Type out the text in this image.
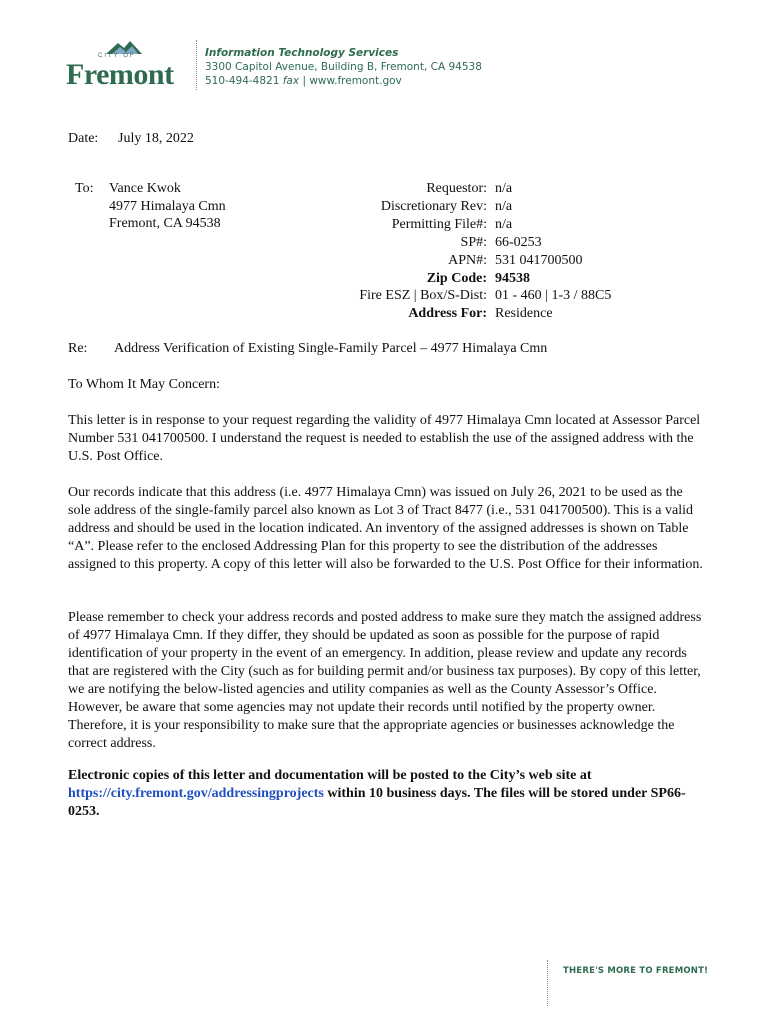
CITY OF
Fremont
Information Technology Services
3300 Capitol Avenue, Building B, Fremont, CA 94538
510-494-4821 fax | www.fremont.gov
Date: July 18, 2022
To: Vance Kwok
4977 Himalaya Cmn
Fremont, CA 94538
Requestor: n/a
Discretionary Rev: n/a
Permitting File#: n/a
SP#: 66-0253
APN#: 531 041700500
Zip Code: 94538
Fire ESZ | Box/S-Dist: 01 - 460 | 1-3 / 88C5
Address For: Residence
Re: Address Verification of Existing Single-Family Parcel – 4977 Himalaya Cmn
To Whom It May Concern:
This letter is in response to your request regarding the validity of 4977 Himalaya Cmn located at Assessor Parcel Number 531 041700500. I understand the request is needed to establish the use of the assigned address with the U.S. Post Office.
Our records indicate that this address (i.e. 4977 Himalaya Cmn) was issued on July 26, 2021 to be used as the sole address of the single-family parcel also known as Lot 3 of Tract 8477 (i.e., 531 041700500). This is a valid address and should be used in the location indicated. An inventory of the assigned addresses is shown on Table “A”. Please refer to the enclosed Addressing Plan for this property to see the distribution of the addresses assigned to this property. A copy of this letter will also be forwarded to the U.S. Post Office for their information.
Please remember to check your address records and posted address to make sure they match the assigned address of 4977 Himalaya Cmn. If they differ, they should be updated as soon as possible for the purpose of rapid identification of your property in the event of an emergency. In addition, please review and update any records that are registered with the City (such as for building permit and/or business tax purposes). By copy of this letter, we are notifying the below-listed agencies and utility companies as well as the County Assessor’s Office. However, be aware that some agencies may not update their records until notified by the property owner. Therefore, it is your responsibility to make sure that the appropriate agencies or businesses acknowledge the correct address.
Electronic copies of this letter and documentation will be posted to the City’s web site at https://city.fremont.gov/addressingprojects within 10 business days. The files will be stored under SP66-0253.
THERE'S MORE TO FREMONT!
